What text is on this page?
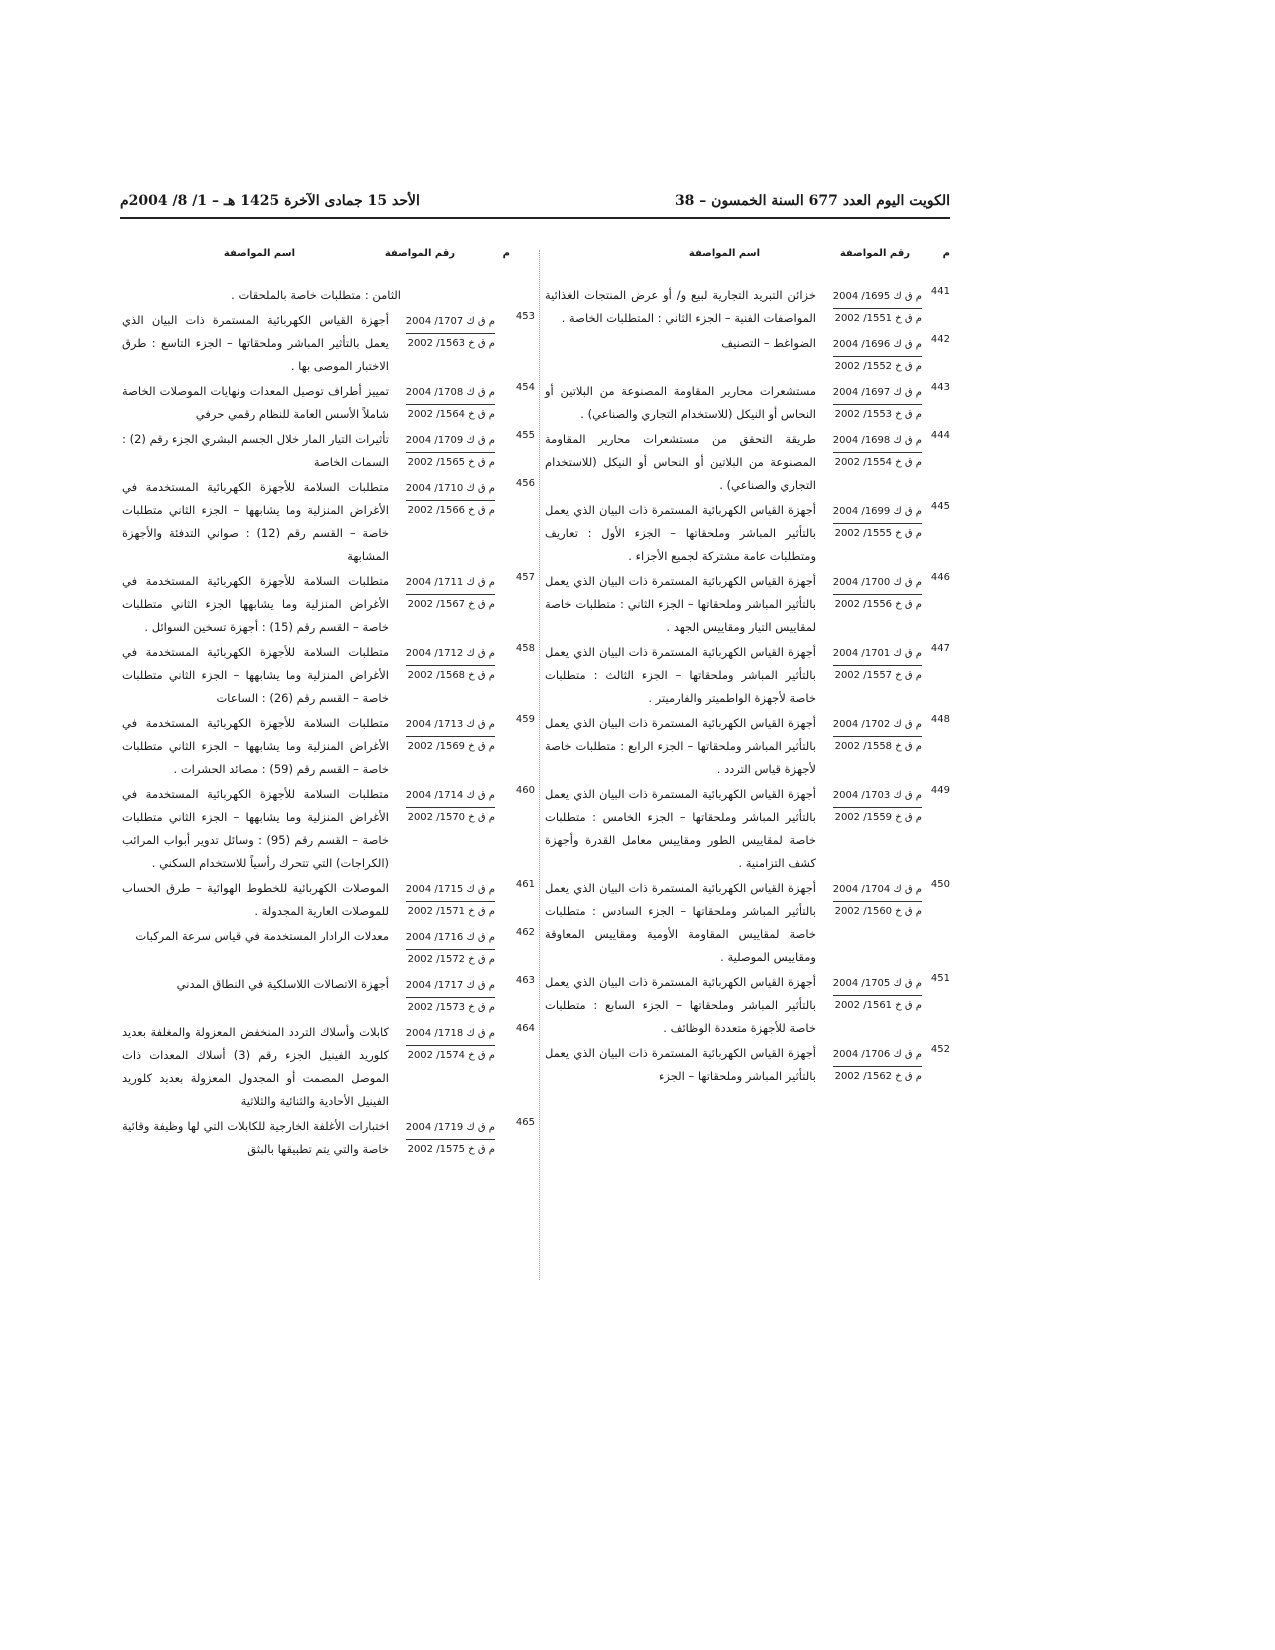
الكويت اليوم العدد 677 السنة الخمسون – 38
الأحد 15 جمادى الآخرة 1425 هـ – 1/ 8/ 2004م
م
رقم المواصفة
اسم المواصفة
441
م ق ك 1695/ 2004
م ق خ 1551/ 2002
خزائن التبريد التجارية لبيع و/ أو عرض المنتجات الغذائية المواصفات الفنية – الجزء الثاني : المتطلبات الخاصة .
442
م ق ك 1696/ 2004
م ق خ 1552/ 2002
الضواغط – التصنيف
443
م ق ك 1697/ 2004
م ق خ 1553/ 2002
مستشعرات محارير المقاومة المصنوعة من البلاتين أو النحاس أو النيكل (للاستخدام التجاري والصناعي) .
444
م ق ك 1698/ 2004
م ق خ 1554/ 2002
طريقة التحقق من مستشعرات محارير المقاومة المصنوعة من البلاتين أو النحاس أو النيكل (للاستخدام التجاري والصناعي) .
445
م ق ك 1699/ 2004
م ق خ 1555/ 2002
أجهزة القياس الكهربائية المستمرة ذات البيان الذي يعمل بالتأثير المباشر وملحقاتها – الجزء الأول : تعاريف ومتطلبات عامة مشتركة لجميع الأجزاء .
446
م ق ك 1700/ 2004
م ق خ 1556/ 2002
أجهزة القياس الكهربائية المستمرة ذات البيان الذي يعمل بالتأثير المباشر وملحقاتها – الجزء الثاني : متطلبات خاصة لمقاييس التيار ومقاييس الجهد .
447
م ق ك 1701/ 2004
م ق خ 1557/ 2002
أجهزة القياس الكهربائية المستمرة ذات البيان الذي يعمل بالتأثير المباشر وملحقاتها – الجزء الثالث : متطلبات خاصة لأجهزة الواطميتر والفارميتر .
448
م ق ك 1702/ 2004
م ق خ 1558/ 2002
أجهزة القياس الكهربائية المستمرة ذات البيان الذي يعمل بالتأثير المباشر وملحقاتها – الجزء الرابع : متطلبات خاصة لأجهزة قياس التردد .
449
م ق ك 1703/ 2004
م ق خ 1559/ 2002
أجهزة القياس الكهربائية المستمرة ذات البيان الذي يعمل بالتأثير المباشر وملحقاتها – الجزء الخامس : متطلبات خاصة لمقاييس الطور ومقاييس معامل القدرة وأجهزة كشف التزامنية .
450
م ق ك 1704/ 2004
م ق خ 1560/ 2002
أجهزة القياس الكهربائية المستمرة ذات البيان الذي يعمل بالتأثير المباشر وملحقاتها – الجزء السادس : متطلبات خاصة لمقاييس المقاومة الأومية ومقاييس المعاوقة ومقاييس الموصلية .
451
م ق ك 1705/ 2004
م ق خ 1561/ 2002
أجهزة القياس الكهربائية المستمرة ذات البيان الذي يعمل بالتأثير المباشر وملحقاتها – الجزء السابع : متطلبات خاصة للأجهزة متعددة الوظائف .
452
م ق ك 1706/ 2004
م ق خ 1562/ 2002
أجهزة القياس الكهربائية المستمرة ذات البيان الذي يعمل بالتأثير المباشر وملحقاتها – الجزء
م
رقم المواصفة
اسم المواصفة
الثامن : متطلبات خاصة بالملحقات .
453
م ق ك 1707/ 2004
م ق خ 1563/ 2002
أجهزة القياس الكهربائية المستمرة ذات البيان الذي يعمل بالتأثير المباشر وملحقاتها – الجزء التاسع : طرق الاختبار الموصى بها .
454
م ق ك 1708/ 2004
م ق خ 1564/ 2002
تمييز أطراف توصيل المعدات ونهايات الموصلات الخاصة شاملاً الأسس العامة للنظام رقمي حرفي
455
م ق ك 1709/ 2004
م ق خ 1565/ 2002
تأثيرات التيار المار خلال الجسم البشري الجزء رقم (2) : السمات الخاصة
456
م ق ك 1710/ 2004
م ق خ 1566/ 2002
متطلبات السلامة للأجهزة الكهربائية المستخدمة في الأغراض المنزلية وما يشابهها – الجزء الثاني متطلبات خاصة – القسم رقم (12) : صواني التدفئة والأجهزة المشابهة
457
م ق ك 1711/ 2004
م ق خ 1567/ 2002
متطلبات السلامة للأجهزة الكهربائية المستخدمة في الأغراض المنزلية وما يشابهها الجزء الثاني متطلبات خاصة – القسم رقم (15) : أجهزة تسخين السوائل .
458
م ق ك 1712/ 2004
م ق خ 1568/ 2002
متطلبات السلامة للأجهزة الكهربائية المستخدمة في الأغراض المنزلية وما يشابهها – الجزء الثاني متطلبات خاصة – القسم رقم (26) : الساعات
459
م ق ك 1713/ 2004
م ق خ 1569/ 2002
متطلبات السلامة للأجهزة الكهربائية المستخدمة في الأغراض المنزلية وما يشابهها – الجزء الثاني متطلبات خاصة – القسم رقم (59) : مصائد الحشرات .
460
م ق ك 1714/ 2004
م ق خ 1570/ 2002
متطلبات السلامة للأجهزة الكهربائية المستخدمة في الأغراض المنزلية وما يشابهها – الجزء الثاني متطلبات خاصة – القسم رقم (95) : وسائل تدوير أبواب المرائب (الكراجات) التي تتحرك رأسياً للاستخدام السكني .
461
م ق ك 1715/ 2004
م ق خ 1571/ 2002
الموصلات الكهربائية للخطوط الهوائية – طرق الحساب للموصلات العارية المجدولة .
462
م ق ك 1716/ 2004
م ق خ 1572/ 2002
معدلات الرادار المستخدمة في قياس سرعة المركبات
463
م ق ك 1717/ 2004
م ق خ 1573/ 2002
أجهزة الاتصالات اللاسلكية في النطاق المدني
464
م ق ك 1718/ 2004
م ق خ 1574/ 2002
كابلات وأسلاك التردد المنخفض المعزولة والمغلفة بعديد كلوريد الفينيل الجزء رقم (3) أسلاك المعدات ذات الموصل المصمت أو المجدول المعزولة بعديد كلوريد الفينيل الأحادية والثنائية والثلاثية
465
م ق ك 1719/ 2004
م ق خ 1575/ 2002
اختبارات الأغلفة الخارجية للكابلات التي لها وظيفة وقائية خاصة والتي يتم تطبيقها بالبثق
